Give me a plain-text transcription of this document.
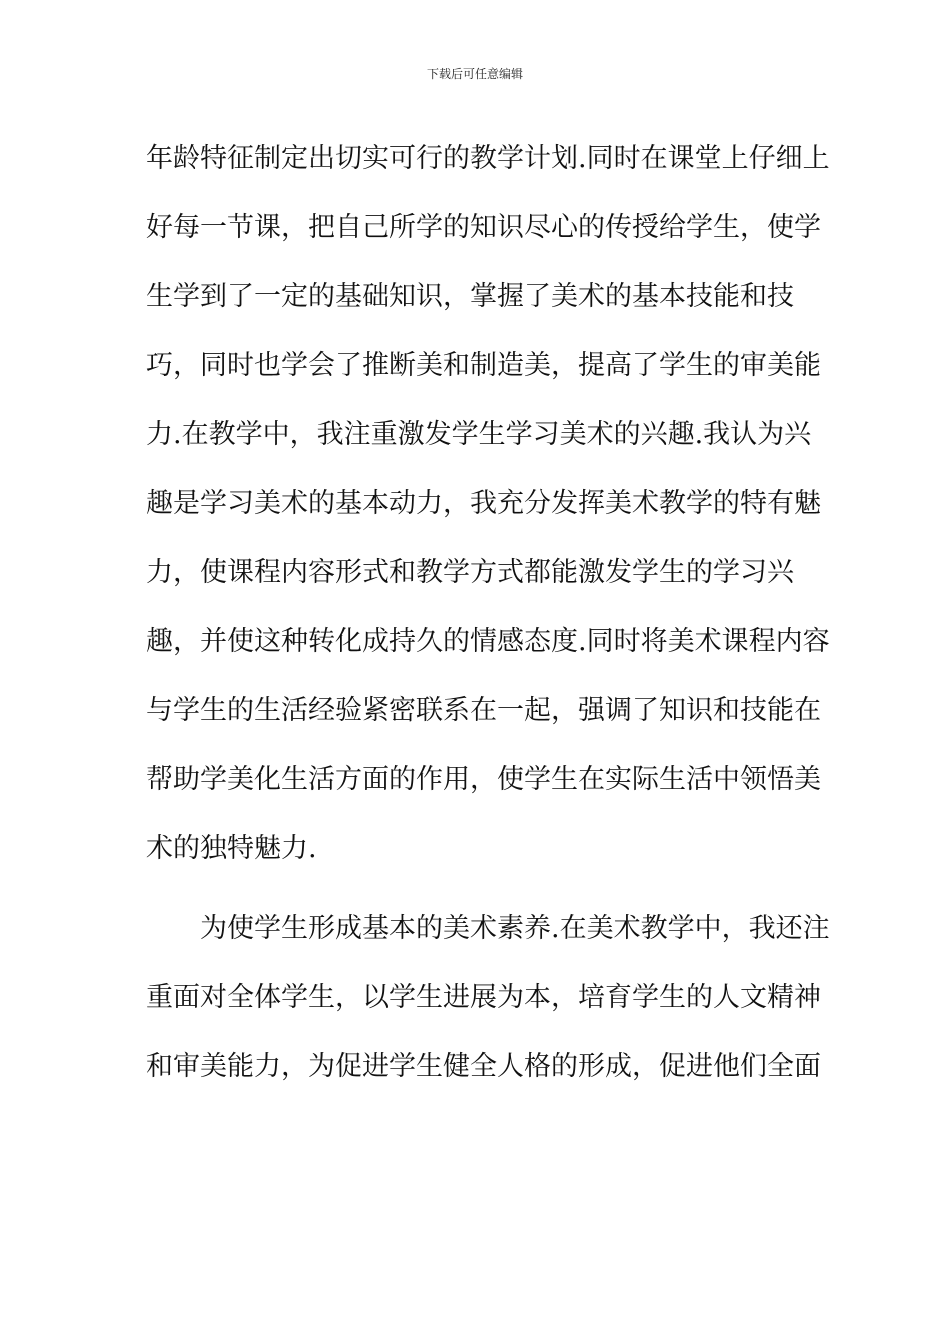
下载后可任意编辑
年龄特征制定出切实可行的教学计划.同时在课堂上仔细上
好每一节课，把自己所学的知识尽心的传授给学生，使学
生学到了一定的基础知识，掌握了美术的基本技能和技
巧，同时也学会了推断美和制造美，提高了学生的审美能
力.在教学中，我注重激发学生学习美术的兴趣.我认为兴
趣是学习美术的基本动力，我充分发挥美术教学的特有魅
力，使课程内容形式和教学方式都能激发学生的学习兴
趣，并使这种转化成持久的情感态度.同时将美术课程内容
与学生的生活经验紧密联系在一起，强调了知识和技能在
帮助学美化生活方面的作用，使学生在实际生活中领悟美
术的独特魅力.
　　为使学生形成基本的美术素养.在美术教学中，我还注
重面对全体学生，以学生进展为本，培育学生的人文精神
和审美能力，为促进学生健全人格的形成，促进他们全面
